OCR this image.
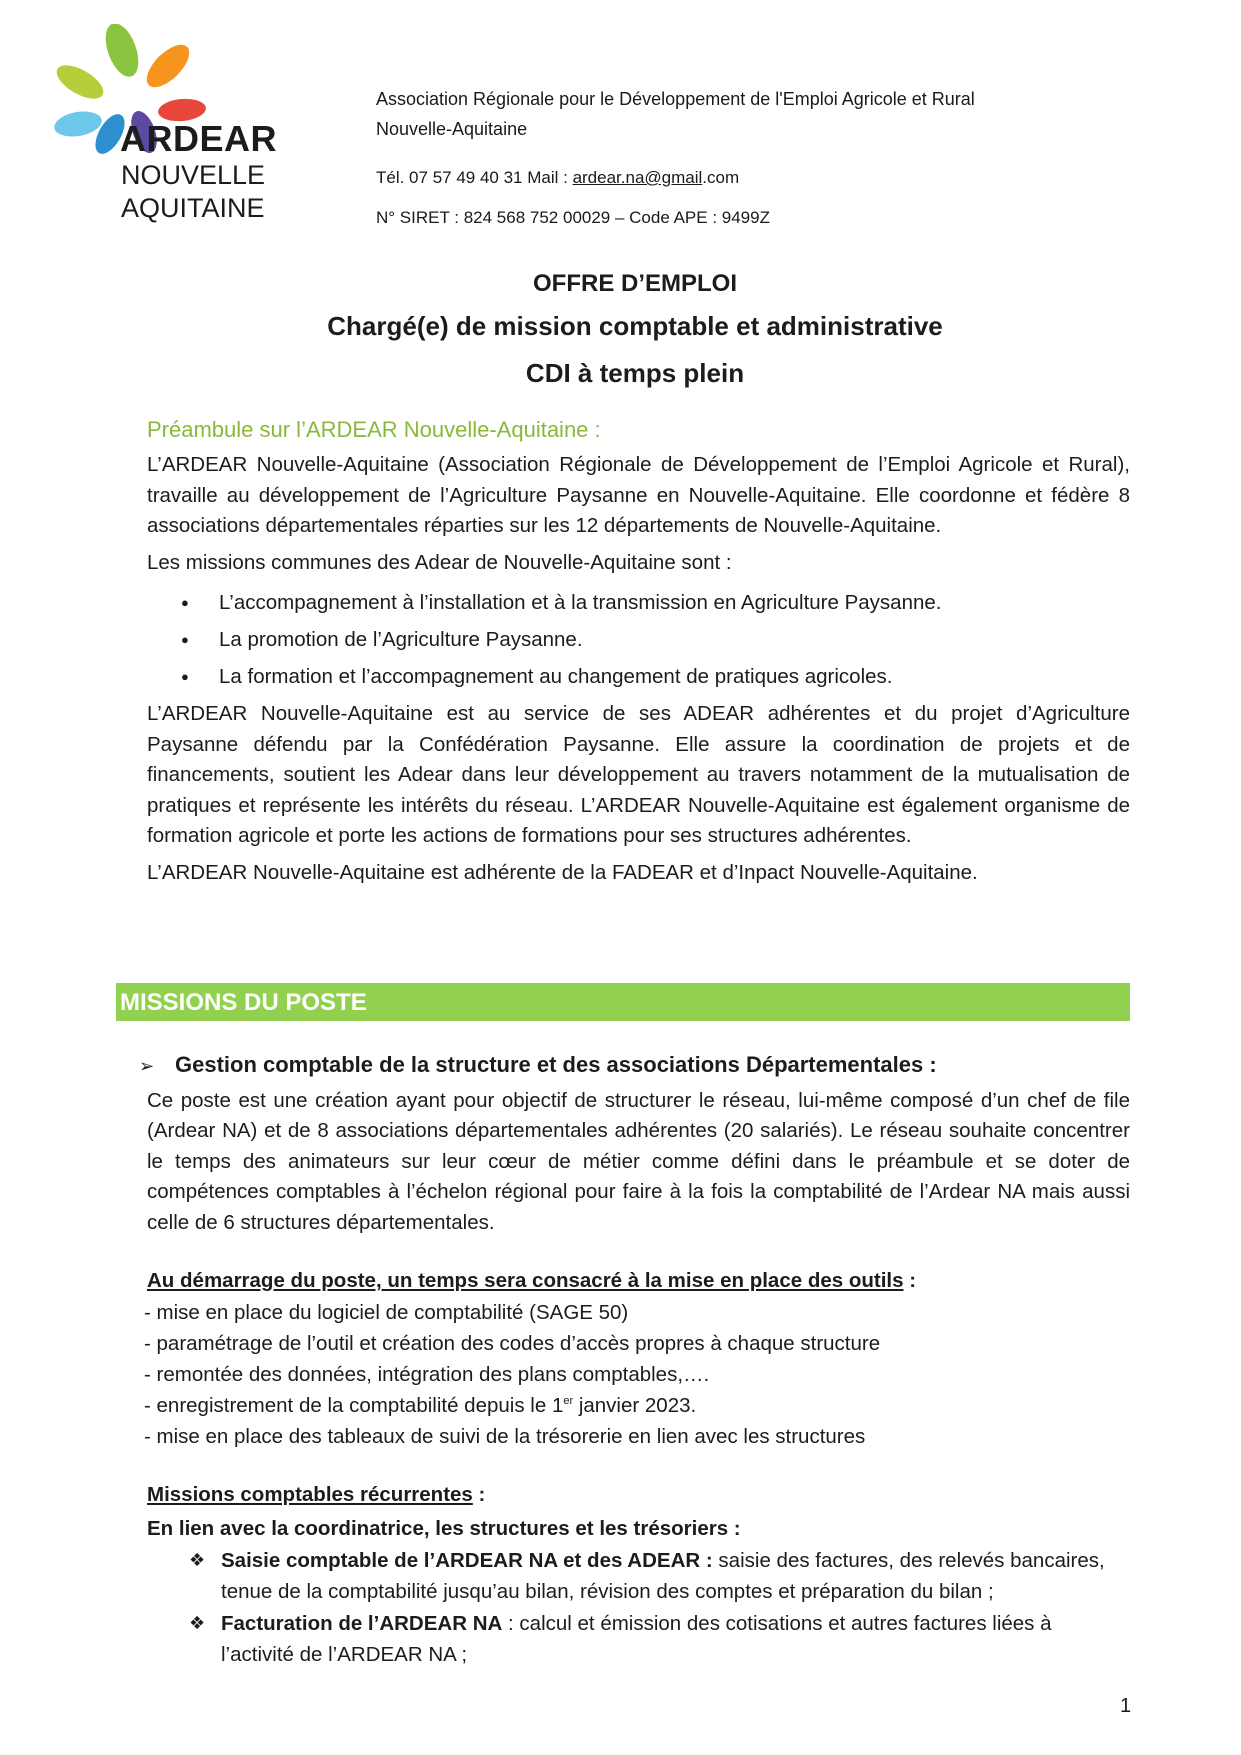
ARDEAR
NOUVELLE
AQUITAINE
Association Régionale pour le Développement de l'Emploi Agricole et Rural
Nouvelle-Aquitaine
Tél. 07 57 49 40 31 Mail : ardear.na@gmail.com
N° SIRET : 824 568 752 00029 – Code APE : 9499Z
OFFRE D’EMPLOI
Chargé(e) de mission comptable et administrative
CDI à temps plein
Préambule sur l’ARDEAR Nouvelle-Aquitaine :

L’ARDEAR Nouvelle-Aquitaine (Association Régionale de Développement de l’Emploi Agricole et Rural), travaille au développement de l’Agriculture Paysanne en Nouvelle-Aquitaine. Elle coordonne et fédère 8 associations départementales réparties sur les 12 départements de Nouvelle-Aquitaine.

Les missions communes des Adear de Nouvelle-Aquitaine sont :

● L’accompagnement à l’installation et à la transmission en Agriculture Paysanne.
● La promotion de l’Agriculture Paysanne.
● La formation et l’accompagnement au changement de pratiques agricoles.

L’ARDEAR Nouvelle-Aquitaine est au service de ses ADEAR adhérentes et du projet d’Agriculture Paysanne défendu par la Confédération Paysanne. Elle assure la coordination de projets et de financements, soutient les Adear dans leur développement au travers notamment de la mutualisation de pratiques et représente les intérêts du réseau. L’ARDEAR Nouvelle-Aquitaine est également organisme de formation agricole et porte les actions de formations pour ses structures adhérentes.

L’ARDEAR Nouvelle-Aquitaine est adhérente de la FADEAR et d’Inpact Nouvelle-Aquitaine.

MISSIONS DU POSTE
➢ Gestion comptable de la structure et des associations Départementales :

Ce poste est une création ayant pour objectif de structurer le réseau, lui-même composé d’un chef de file (Ardear NA) et de 8 associations départementales adhérentes (20 salariés). Le réseau souhaite concentrer le temps des animateurs sur leur cœur de métier comme défini dans le préambule et se doter de compétences comptables à l’échelon régional pour faire à la fois la comptabilité de l’Ardear NA mais aussi celle de 6 structures départementales.

Au démarrage du poste, un temps sera consacré à la mise en place des outils :
- mise en place du logiciel de comptabilité (SAGE 50)
- paramétrage de l’outil et création des codes d’accès propres à chaque structure
- remontée des données, intégration des plans comptables,….
- enregistrement de la comptabilité depuis le 1er janvier 2023.
- mise en place des tableaux de suivi de la trésorerie en lien avec les structures
Missions comptables récurrentes :
En lien avec la coordinatrice, les structures et les trésoriers :
❖ Saisie comptable de l’ARDEAR NA et des ADEAR : saisie des factures, des relevés bancaires, tenue de la comptabilité jusqu’au bilan, révision des comptes et préparation du bilan ;
❖ Facturation de l’ARDEAR NA : calcul et émission des cotisations et autres factures liées à l’activité de l’ARDEAR NA ;
1
